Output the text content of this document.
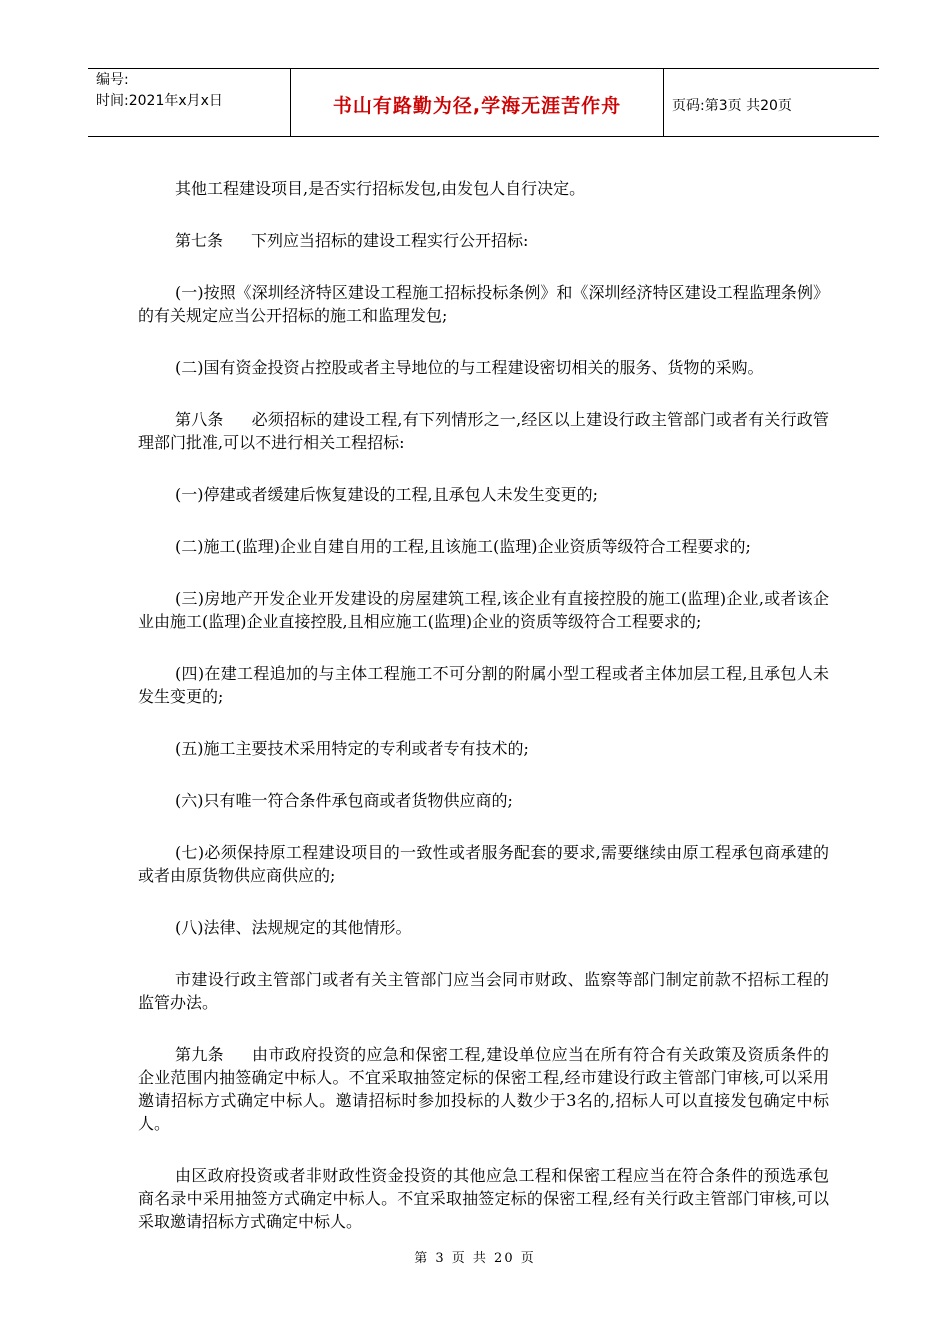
编号:
时间:2021年x月x日	书山有路勤为径,学海无涯苦作舟	页码:第3页 共20页

其他工程建设项目,是否实行招标发包,由发包人自行决定。

第七条 下列应当招标的建设工程实行公开招标:

(一)按照《深圳经济特区建设工程施工招标投标条例》和《深圳经济特区建设工程监理条例》的有关规定应当公开招标的施工和监理发包;

(二)国有资金投资占控股或者主导地位的与工程建设密切相关的服务、货物的采购。

第八条 必须招标的建设工程,有下列情形之一,经区以上建设行政主管部门或者有关行政管理部门批准,可以不进行相关工程招标:

(一)停建或者缓建后恢复建设的工程,且承包人未发生变更的;

(二)施工(监理)企业自建自用的工程,且该施工(监理)企业资质等级符合工程要求的;

(三)房地产开发企业开发建设的房屋建筑工程,该企业有直接控股的施工(监理)企业,或者该企业由施工(监理)企业直接控股,且相应施工(监理)企业的资质等级符合工程要求的;

(四)在建工程追加的与主体工程施工不可分割的附属小型工程或者主体加层工程,且承包人未发生变更的;

(五)施工主要技术采用特定的专利或者专有技术的;

(六)只有唯一符合条件承包商或者货物供应商的;

(七)必须保持原工程建设项目的一致性或者服务配套的要求,需要继续由原工程承包商承建的或者由原货物供应商供应的;

(八)法律、法规规定的其他情形。

市建设行政主管部门或者有关主管部门应当会同市财政、监察等部门制定前款不招标工程的监管办法。

第九条 由市政府投资的应急和保密工程,建设单位应当在所有符合有关政策及资质条件的企业范围内抽签确定中标人。不宜采取抽签定标的保密工程,经市建设行政主管部门审核,可以采用邀请招标方式确定中标人。邀请招标时参加投标的人数少于3名的,招标人可以直接发包确定中标人。

由区政府投资或者非财政性资金投资的其他应急工程和保密工程应当在符合条件的预选承包商名录中采用抽签方式确定中标人。不宜采取抽签定标的保密工程,经有关行政主管部门审核,可以采取邀请招标方式确定中标人。

第 3 页 共 20 页
